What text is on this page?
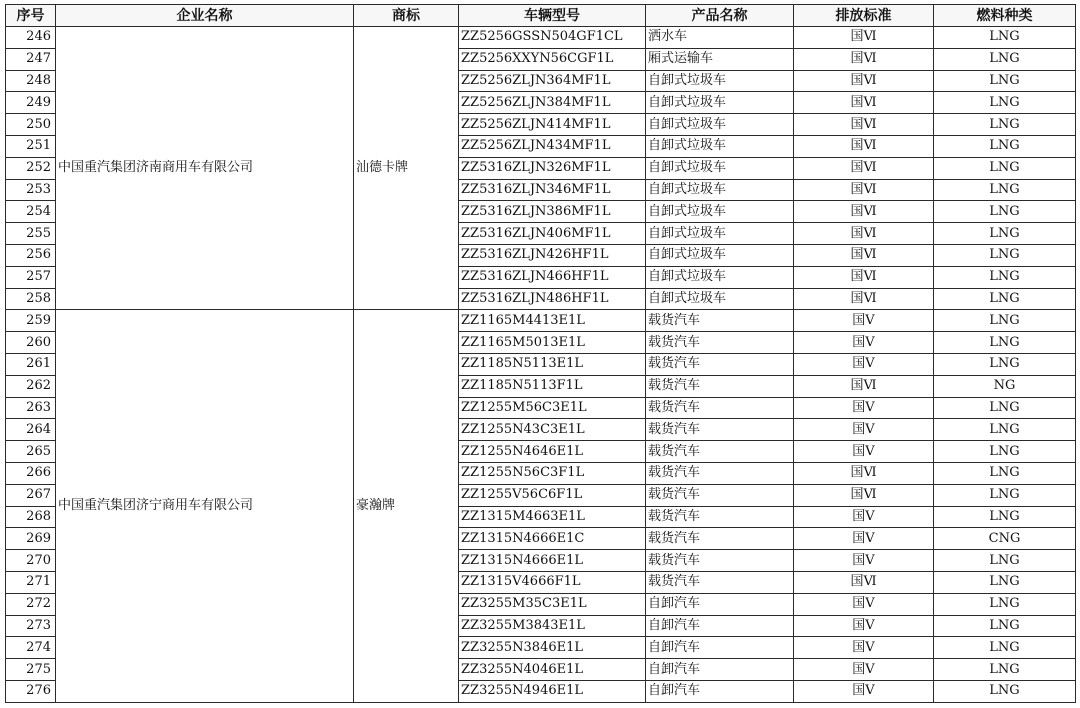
序号	企业名称	商标	车辆型号	产品名称	排放标准	燃料种类
246	中国重汽集团济南商用车有限公司	汕德卡牌	ZZ5256GSSN504GF1CL	洒水车	国Ⅵ	LNG
247			ZZ5256XXYN56CGF1L	厢式运输车	国Ⅵ	LNG
248			ZZ5256ZLJN364MF1L	自卸式垃圾车	国Ⅵ	LNG
249			ZZ5256ZLJN384MF1L	自卸式垃圾车	国Ⅵ	LNG
250			ZZ5256ZLJN414MF1L	自卸式垃圾车	国Ⅵ	LNG
251			ZZ5256ZLJN434MF1L	自卸式垃圾车	国Ⅵ	LNG
252			ZZ5316ZLJN326MF1L	自卸式垃圾车	国Ⅵ	LNG
253			ZZ5316ZLJN346MF1L	自卸式垃圾车	国Ⅵ	LNG
254			ZZ5316ZLJN386MF1L	自卸式垃圾车	国Ⅵ	LNG
255			ZZ5316ZLJN406MF1L	自卸式垃圾车	国Ⅵ	LNG
256			ZZ5316ZLJN426HF1L	自卸式垃圾车	国Ⅵ	LNG
257			ZZ5316ZLJN466HF1L	自卸式垃圾车	国Ⅵ	LNG
258			ZZ5316ZLJN486HF1L	自卸式垃圾车	国Ⅵ	LNG
259	中国重汽集团济宁商用车有限公司	豪瀚牌	ZZ1165M4413E1L	载货汽车	国Ⅴ	LNG
260			ZZ1165M5013E1L	载货汽车	国Ⅴ	LNG
261			ZZ1185N5113E1L	载货汽车	国Ⅴ	LNG
262			ZZ1185N5113F1L	载货汽车	国Ⅵ	NG
263			ZZ1255M56C3E1L	载货汽车	国Ⅴ	LNG
264			ZZ1255N43C3E1L	载货汽车	国Ⅴ	LNG
265			ZZ1255N4646E1L	载货汽车	国Ⅴ	LNG
266			ZZ1255N56C3F1L	载货汽车	国Ⅵ	LNG
267			ZZ1255V56C6F1L	载货汽车	国Ⅵ	LNG
268			ZZ1315M4663E1L	载货汽车	国Ⅴ	LNG
269			ZZ1315N4666E1C	载货汽车	国Ⅴ	CNG
270			ZZ1315N4666E1L	载货汽车	国Ⅴ	LNG
271			ZZ1315V4666F1L	载货汽车	国Ⅵ	LNG
272			ZZ3255M35C3E1L	自卸汽车	国Ⅴ	LNG
273			ZZ3255M3843E1L	自卸汽车	国Ⅴ	LNG
274			ZZ3255N3846E1L	自卸汽车	国Ⅴ	LNG
275			ZZ3255N4046E1L	自卸汽车	国Ⅴ	LNG
276			ZZ3255N4946E1L	自卸汽车	国Ⅴ	LNG
